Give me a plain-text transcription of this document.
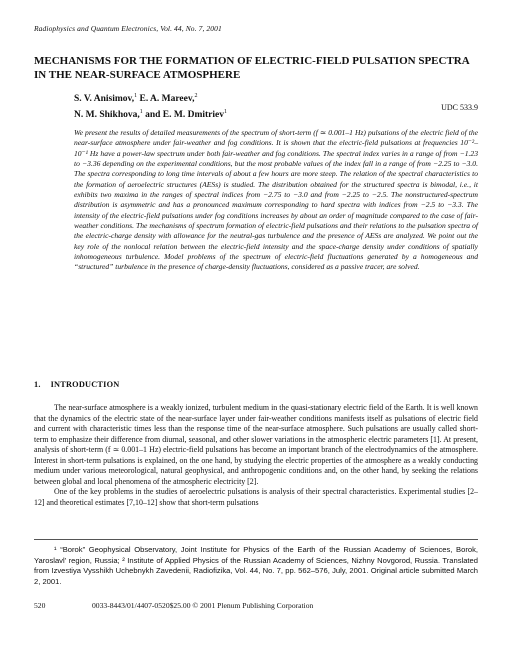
Radiophysics and Quantum Electronics, Vol. 44, No. 7, 2001
MECHANISMS FOR THE FORMATION OF ELECTRIC-FIELD PULSATION SPECTRA IN THE NEAR-SURFACE ATMOSPHERE
S. V. Anisimov,$^1$ E. A. Mareev,$^2$
N. M. Shikhova,$^1$ and E. M. Dmitriev$^1$
UDC 533.9
We present the results of detailed measurements of the spectrum of short-term (f ≃ 0.001–1 Hz) pulsations of the electric field of the near-surface atmosphere under fair-weather and fog conditions. It is shown that the electric-field pulsations at frequencies 10⁻²–10⁻¹ Hz have a power-law spectrum under both fair-weather and fog conditions. The spectral index varies in a range of from −1.23 to −3.36 depending on the experimental conditions, but the most probable values of the index fall in a range of from −2.25 to −3.0. The spectra corresponding to long time intervals of about a few hours are more steep. The relation of the spectral characteristics to the formation of aeroelectric structures (AESs) is studied. The distribution obtained for the structured spectra is bimodal, i.e., it exhibits two maxima in the ranges of spectral indices from −2.75 to −3.0 and from −2.25 to −2.5. The nonstructured-spectrum distribution is asymmetric and has a pronounced maximum corresponding to hard spectra with indices from −2.5 to −3.3. The intensity of the electric-field pulsations under fog conditions increases by about an order of magnitude compared to the case of fair-weather conditions. The mechanisms of spectrum formation of electric-field pulsations and their relations to the pulsation spectra of the electric-charge density with allowance for the neutral-gas turbulence and the presence of AESs are analyzed. We point out the key role of the nonlocal relation between the electric-field intensity and the space-charge density under conditions of spatially inhomogeneous turbulence. Model problems of the spectrum of electric-field fluctuations generated by a homogeneous and “structured” turbulence in the presence of charge-density fluctuations, considered as a passive tracer, are solved.
1. INTRODUCTION

The near-surface atmosphere is a weakly ionized, turbulent medium in the quasi-stationary electric field of the Earth. It is well known that the dynamics of the electric state of the near-surface layer under fair-weather conditions manifests itself as pulsations of electric field and current with characteristic times less than the response time of the near-surface atmosphere. Such pulsations are usually called short-term to emphasize their difference from diurnal, seasonal, and other slower variations in the atmospheric electric parameters [1]. At present, analysis of short-term (f ≃ 0.001–1 Hz) electric-field pulsations has become an important branch of the electrodynamics of the atmosphere. Interest in short-term pulsations is explained, on the one hand, by studying the electric properties of the atmosphere as a weakly conducting medium under various meteorological, natural geophysical, and anthropogenic conditions and, on the other hand, by seeking the relations between global and local phenomena of the atmospheric electricity [2].

One of the key problems in the studies of aeroelectric pulsations is analysis of their spectral characteristics. Experimental studies [2–12] and theoretical estimates [7,10–12] show that short-term pulsations

¹ “Borok” Geophysical Observatory, Joint Institute for Physics of the Earth of the Russian Academy of Sciences, Borok, Yaroslavl’ region, Russia; ² Institute of Applied Physics of the Russian Academy of Sciences, Nizhny Novgorod, Russia. Translated from Izvestiya Vysshikh Uchebnykh Zavedenii, Radiofizika, Vol. 44, No. 7, pp. 562–576, July, 2001. Original article submitted March 2, 2001.
520	0033-8443/01/4407-0520$25.00 © 2001 Plenum Publishing Corporation
